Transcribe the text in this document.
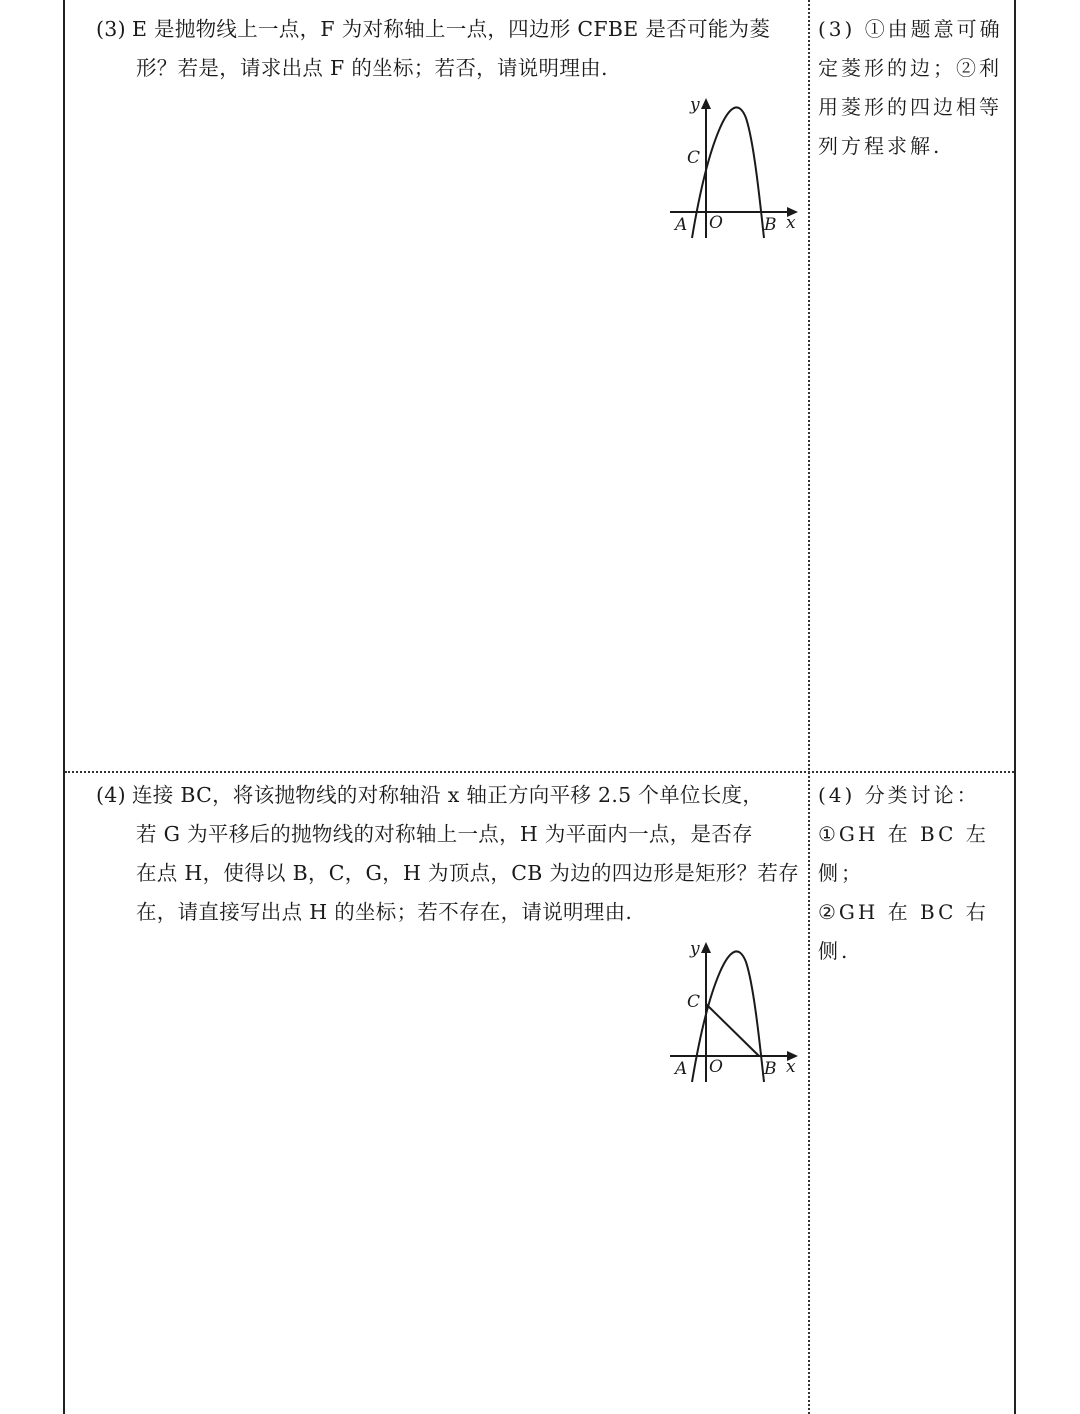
(3) E 是抛物线上一点，F 为对称轴上一点，四边形 CFBE 是否可能为菱
形？若是，请求出点 F 的坐标；若否，请说明理由.
(3) ①由题意可确
定菱形的边；②利
用菱形的四边相等
列方程求解.
y
x
C
A O B
(4) 连接 BC，将该抛物线的对称轴沿 x 轴正方向平移 2.5 个单位长度，
若 G 为平移后的抛物线的对称轴上一点，H 为平面内一点，是否存
在点 H，使得以 B，C，G，H 为顶点，CB 为边的四边形是矩形？若存
在，请直接写出点 H 的坐标；若不存在，请说明理由.
(4) 分类讨论：
①GH 在 BC 左侧；
②GH 在 BC 右侧.
y
x
C
A O B
